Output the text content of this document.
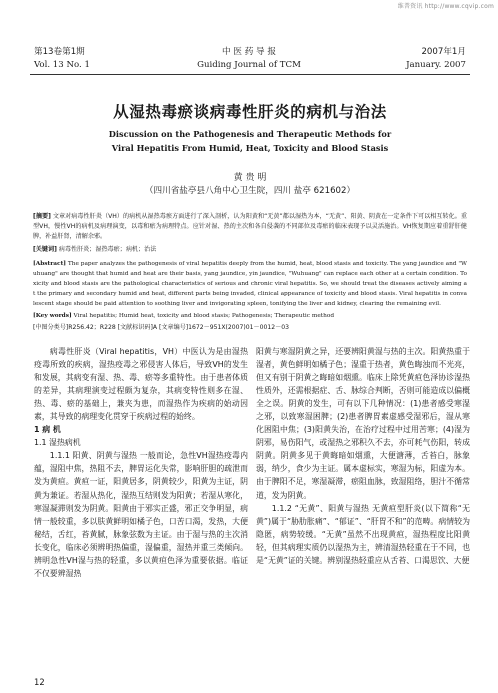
维普资讯 http://www.cqvip.com
第13卷第1期
Vol. 13 No. 1
中 医 药 导 报
Guiding Journal of TCM
2007年1月
January. 2007
从湿热毒瘀谈病毒性肝炎的病机与治法
Discussion on the Pathogenesis and Therapeutic Methods for
Viral Hepatitis From Humid, Heat, Toxicity and Blood Stasis
黄 贵 明
（四川省盐亭县八角中心卫生院，四川 盐亭 621602）
[摘要] 文章对病毒性肝炎（VH）的病机从湿热毒瘀方面进行了深入剖析，认为阳黄和“无黄”都以湿热为本，“无黄”、阳黄、阴黄在一定条件下可以相互转化。重型VH，慢性VH的病机及病理演变，以毒和瘀为病理特点。应针对湿、热的主次和各自侵袭的不同部位及毒瘀的临床表现予以灵活施治。VH恢复期应着重舒肝健脾，补益肝肾，清解余邪。
[关键词] 病毒性肝炎；湿热毒瘀；病机；治法
[Abstract] The paper analyzes the pathogenesis of viral hepatitis deeply from the humid, heat, blood stasis and toxicity. The yang jaundice and "Wuhuang" are thought that humid and heat are their basis, yang jaundice, yin jaundice, "Wuhuang" can replace each other at a certain condition. Toxicity and blood stasis are the pathological characteristics of serious and chronic viral hepatitis. So, we should treat the diseases actively aiming at the primary and secondary humid and heat, different parts being invaded, clinical appearance of toxicity and blood stasis. Viral hepatitis in convalescent stage should be paid attention to soothing liver and invigorating spleen, tonifying the liver and kidney, clearing the remaining evil.
[Key words] Viral hepatitis; Humid heat, toxicity and blood stasis; Pathogenesis; Therapeutic method
[中图分类号]R256.42；R228 [文献标识码]A [文章编号]1672－951X(2007)01－0012－03

病毒性肝炎（Viral hepatitis，VH）中医认为是由湿热疫毒所致的疾病，湿热疫毒之邪侵害人体后，导致VH的发生和发展，其病变有湿、热、毒、瘀等多重特性。由于患者体质的差异，其病理演变过程颇为复杂，其病变特性则多在湿、热、毒、瘀的基础上，兼夹为患，而湿热作为疾病的始动因素，其导致的病理变化贯穿于疾病过程的始终。

1 病 机

1.1 湿热病机

1.1.1 阳黄、阴黄与湿热 一般而论，急性VH湿热疫毒内蕴，湿阻中焦，热阻不去，脾胃运化失常，影响肝胆的疏泄而发为黄疸。黄疸一证，阳黄居多，阴黄较少，阳黄为主证，阴黄为兼证。若湿从热化，湿热互结则发为阳黄；若湿从寒化，寒湿凝滞则发为阴黄。阳黄由于邪实正盛，邪正交争明显，病情一般较重，多以肤黄鲜明如橘子色，口苦口渴，发热，大便秘结，舌红，苔黄腻，脉象弦数为主证。由于湿与热的主次消长变化，临床必须辨明热偏重，湿偏重，湿热并重三类倾向。辨明急性VH湿与热的轻重，多以黄疸色泽为重要依据。临证不仅要辨湿热

阳黄与寒湿阴黄之异，还要辨阳黄湿与热的主次。阳黄热重于湿者，黄色鲜明如橘子色；湿重于热者，黄色晦浊而不光亮，但又有别于阴黄之晦暗如烟熏。临床上除凭黄疸色泽协诊湿热性质外，还需根据症、舌、脉综合判断，否则可能造成以偏概全之误。阴黄的发生，可有以下几种情况：(1)患者感受寒湿之邪，以致寒湿困脾；(2)患者脾胃素虚感受湿邪后，湿从寒化困阻中焦；(3)阳黄失治，在治疗过程中过用苦寒；(4)湿为阴邪，易伤阳气，或湿热之邪积久不去，亦可耗气伤阳，转成阴黄。阴黄多见于黄晦暗如烟熏，大便溏薄，舌苔白，脉象弱，纳少，食少为主证。属本虚标实，寒湿为标，阳虚为本。由于脾阳不足，寒湿凝滞，瘀阻血脉，致湿阻络，胆汁不循常道，发为阴黄。

1.1.2 “无黄”、阳黄与湿热 无黄疸型肝炎(以下简称“无黄”)属于“胁肋胀痛”、“郁证”、“肝胃不和”的范畴。病情较为隐匿，病势较缓。“无黄”虽然不出现黄疸，湿热程度比阳黄轻，但其病理实质仍以湿热为主，辨清湿热轻重在于不同，也是“无黄”证的关键。辨别湿热轻重应从舌苔、口渴思饮、大便

12
